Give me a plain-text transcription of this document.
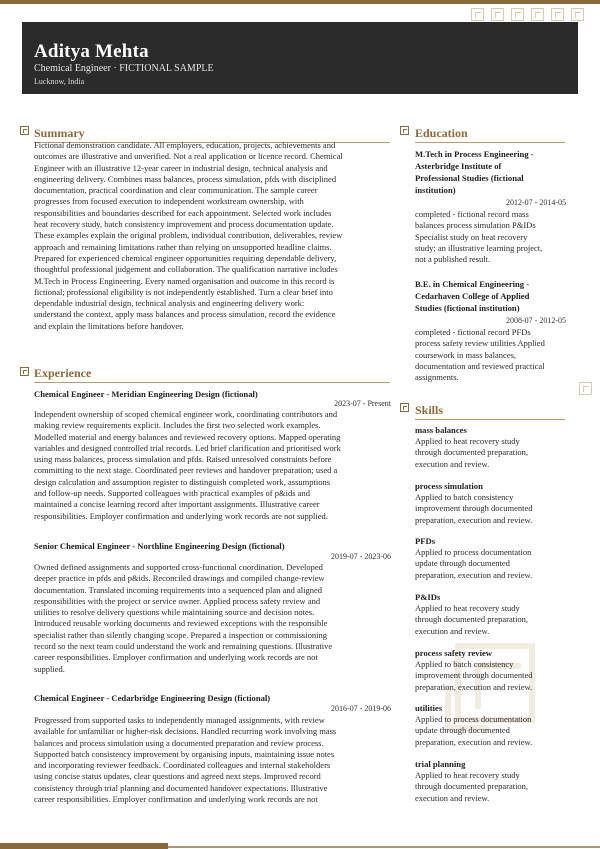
Aditya Mehta
Chemical Engineer · FICTIONAL SAMPLE
Lucknow, India
Summary
Fictional demonstration candidate. All employers, education, projects, achievements and
outcomes are illustrative and unverified. Not a real application or licence record. Chemical
Engineer with an illustrative 12-year career in industrial design, technical analysis and
engineering delivery. Combines mass balances, process simulation, pfds with disciplined
documentation, practical coordination and clear communication. The sample career
progresses from focused execution to independent workstream ownership, with
responsibilities and boundaries described for each appointment. Selected work includes
heat recovery study, batch consistency improvement and process documentation update.
These examples explain the original problem, individual contribution, deliverables, review
approach and remaining limitations rather than relying on unsupported headline claims.
Prepared for experienced chemical engineer opportunities requiring dependable delivery,
thoughtful professional judgement and collaboration. The qualification narrative includes
M.Tech in Process Engineering. Every named organisation and outcome in this record is
fictional; professional eligibility is not independently established. Turn a clear brief into
dependable industrial design, technical analysis and engineering delivery work:
understand the context, apply mass balances and process simulation, record the evidence
and explain the limitations before handover.
Experience
Chemical Engineer - Meridian Engineering Design (fictional)
2023-07 - Present
Independent ownership of scoped chemical engineer work, coordinating contributors and
making review requirements explicit. Includes the first two selected work examples.
Modelled material and energy balances and reviewed recovery options. Mapped operating
variables and designed controlled trial records. Led brief clarification and prioritised work
using mass balances, process simulation and pfds. Raised unresolved constraints before
committing to the next stage. Coordinated peer reviews and handover preparation; used a
design calculation and assumption register to distinguish completed work, assumptions
and follow-up needs. Supported colleagues with practical examples of p&ids and
maintained a concise learning record after important assignments. Illustrative career
responsibilities. Employer confirmation and underlying work records are not supplied.
Senior Chemical Engineer - Northline Engineering Design (fictional)
2019-07 - 2023-06
Owned defined assignments and supported cross-functional coordination. Developed
deeper practice in pfds and p&ids. Reconciled drawings and compiled change-review
documentation. Translated incoming requirements into a sequenced plan and aligned
responsibilities with the project or service owner. Applied process safety review and
utilities to resolve delivery questions while maintaining source and decision notes.
Introduced reusable working documents and reviewed exceptions with the responsible
specialist rather than silently changing scope. Prepared a inspection or commissioning
record so the next team could understand the work and remaining questions. Illustrative
career responsibilities. Employer confirmation and underlying work records are not
supplied.
Chemical Engineer - Cedarbridge Engineering Design (fictional)
2016-07 - 2019-06
Progressed from supported tasks to independently managed assignments, with review
available for unfamiliar or higher-risk decisions. Handled recurring work involving mass
balances and process simulation using a documented preparation and review process.
Supported batch consistency improvement by organising inputs, maintaining issue notes
and incorporating reviewer feedback. Coordinated colleagues and internal stakeholders
using concise status updates, clear questions and agreed next steps. Improved record
consistency through trial planning and documented handover expectations. Illustrative
career responsibilities. Employer confirmation and underlying work records are not
Education
M.Tech in Process Engineering -
Asterbridge Institute of
Professional Studies (fictional
institution)
2012-07 - 2014-05
completed - fictional record mass
balances process simulation P&IDs
Specialist study on heat recovery
study; an illustrative learning project,
not a published result.
B.E. in Chemical Engineering -
Cedarhaven College of Applied
Studies (fictional institution)
2008-07 - 2012-05
completed - fictional record PFDs
process safety review utilities Applied
coursework in mass balances,
documentation and reviewed practical
assignments.
Skills
mass balances
Applied to heat recovery study
through documented preparation,
execution and review.
process simulation
Applied to batch consistency
improvement through documented
preparation, execution and review.
PFDs
Applied to process documentation
update through documented
preparation, execution and review.
P&IDs
Applied to heat recovery study
through documented preparation,
execution and review.
process safety review
Applied to batch consistency
improvement through documented
preparation, execution and review.
utilities
Applied to process documentation
update through documented
preparation, execution and review.
trial planning
Applied to heat recovery study
through documented preparation,
execution and review.
